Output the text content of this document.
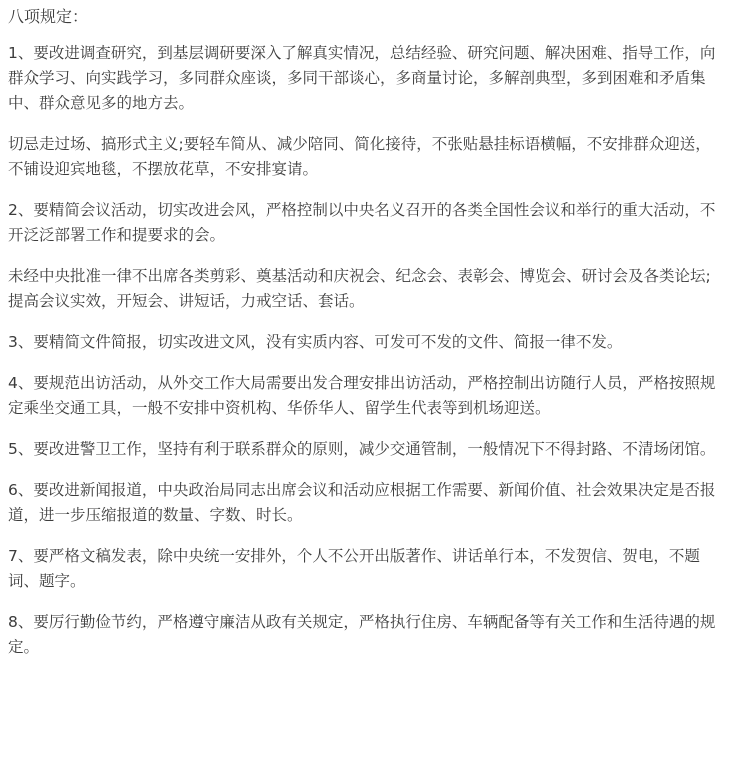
八项规定：

1、要改进调查研究，到基层调研要深入了解真实情况，总结经验、研究问题、解决困难、指导工作，向群众学习、向实践学习，多同群众座谈，多同干部谈心，多商量讨论，多解剖典型，多到困难和矛盾集中、群众意见多的地方去。

切忌走过场、搞形式主义;要轻车简从、减少陪同、简化接待，不张贴悬挂标语横幅，不安排群众迎送，不铺设迎宾地毯，不摆放花草，不安排宴请。

2、要精简会议活动，切实改进会风，严格控制以中央名义召开的各类全国性会议和举行的重大活动，不开泛泛部署工作和提要求的会。

未经中央批准一律不出席各类剪彩、奠基活动和庆祝会、纪念会、表彰会、博览会、研讨会及各类论坛;提高会议实效，开短会、讲短话，力戒空话、套话。

3、要精简文件简报，切实改进文风，没有实质内容、可发可不发的文件、简报一律不发。

4、要规范出访活动，从外交工作大局需要出发合理安排出访活动，严格控制出访随行人员，严格按照规定乘坐交通工具，一般不安排中资机构、华侨华人、留学生代表等到机场迎送。

5、要改进警卫工作，坚持有利于联系群众的原则，减少交通管制，一般情况下不得封路、不清场闭馆。

6、要改进新闻报道，中央政治局同志出席会议和活动应根据工作需要、新闻价值、社会效果决定是否报道，进一步压缩报道的数量、字数、时长。

7、要严格文稿发表，除中央统一安排外，个人不公开出版著作、讲话单行本，不发贺信、贺电，不题词、题字。

8、要厉行勤俭节约，严格遵守廉洁从政有关规定，严格执行住房、车辆配备等有关工作和生活待遇的规定。
